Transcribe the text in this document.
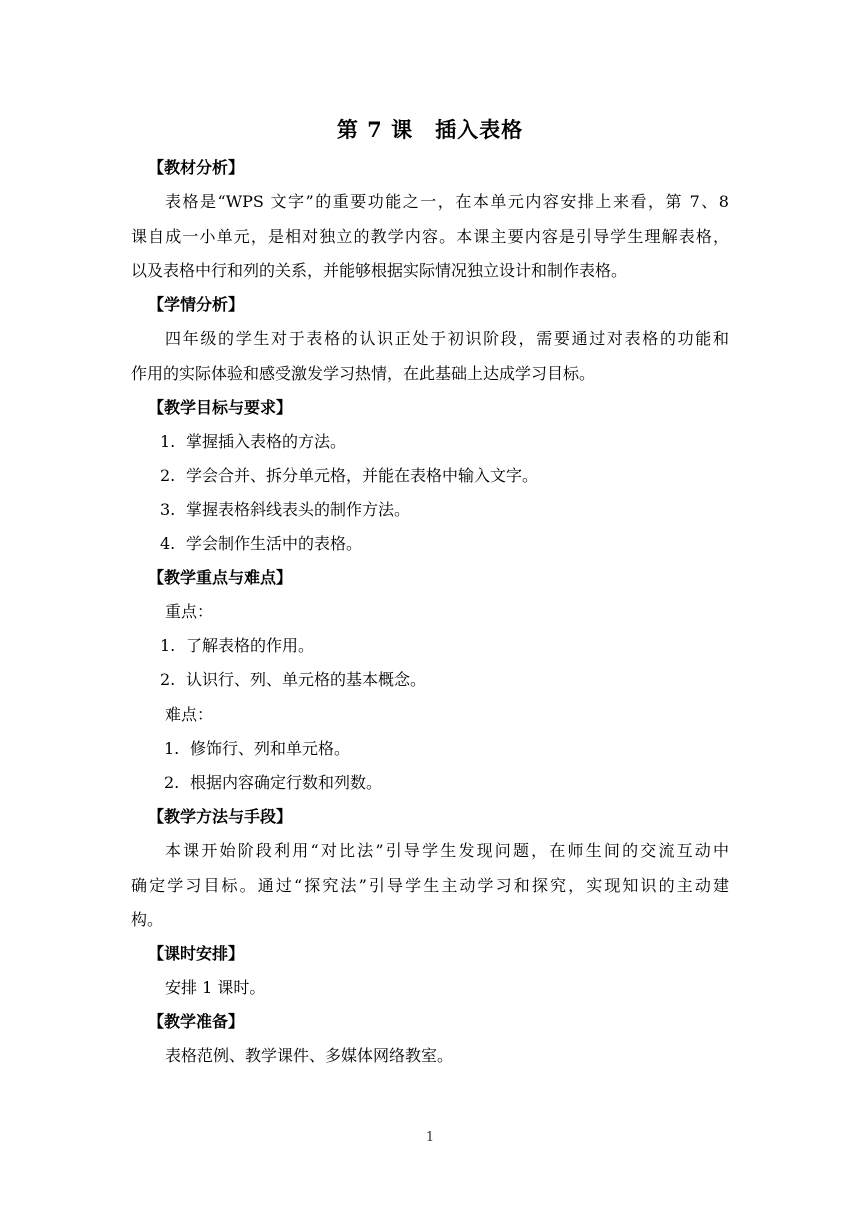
第 7 课 插入表格
【教材分析】
表格是“WPS 文字”的重要功能之一，在本单元内容安排上来看，第 7、8
课自成一小单元，是相对独立的教学内容。本课主要内容是引导学生理解表格，
以及表格中行和列的关系，并能够根据实际情况独立设计和制作表格。
【学情分析】
四年级的学生对于表格的认识正处于初识阶段，需要通过对表格的功能和
作用的实际体验和感受激发学习热情，在此基础上达成学习目标。
【教学目标与要求】
1. 掌握插入表格的方法。
2. 学会合并、拆分单元格，并能在表格中输入文字。
3. 掌握表格斜线表头的制作方法。
4. 学会制作生活中的表格。
【教学重点与难点】
重点：
1. 了解表格的作用。
2. 认识行、列、单元格的基本概念。
难点：
1. 修饰行、列和单元格。
2. 根据内容确定行数和列数。
【教学方法与手段】
本课开始阶段利用“对比法”引导学生发现问题，在师生间的交流互动中
确定学习目标。通过“探究法”引导学生主动学习和探究，实现知识的主动建
构。
【课时安排】
安排 1 课时。
【教学准备】
表格范例、教学课件、多媒体网络教室。
1
